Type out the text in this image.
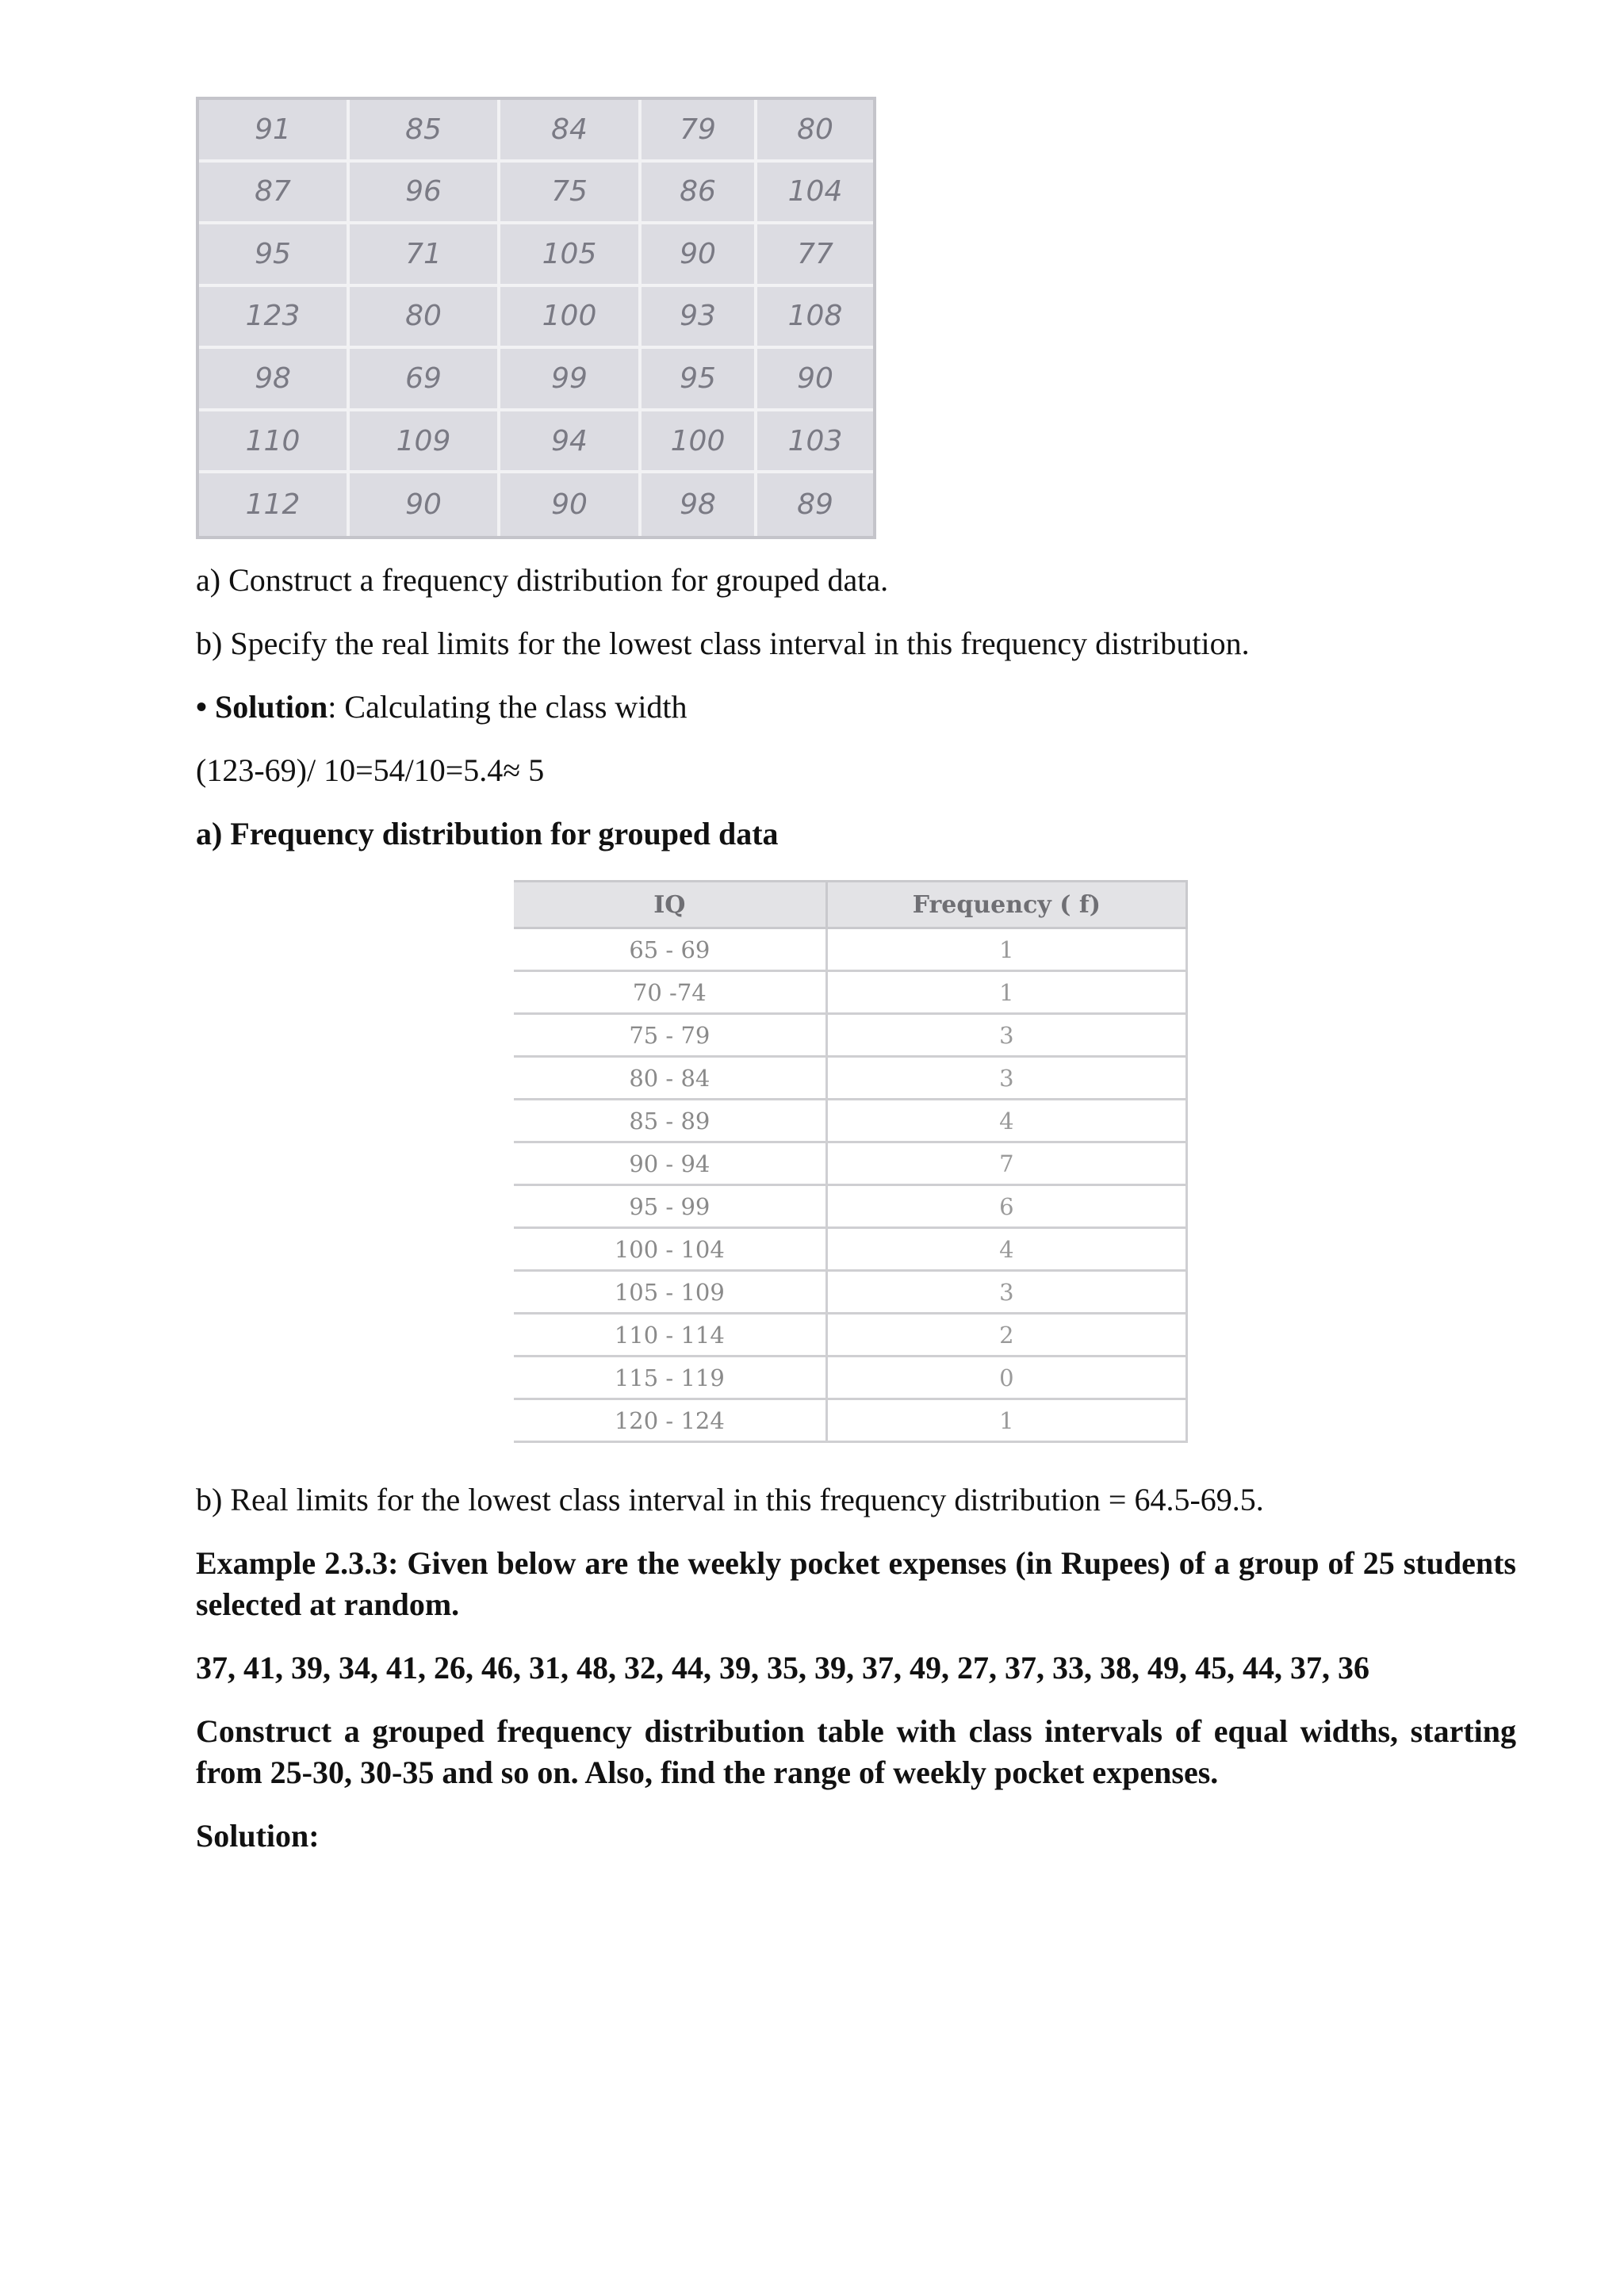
91	85	84	79	80
87	96	75	86	104
95	71	105	90	77
123	80	100	93	108
98	69	99	95	90
110	109	94	100	103
112	90	90	98	89

a) Construct a frequency distribution for grouped data.

b) Specify the real limits for the lowest class interval in this frequency distribution.

• Solution: Calculating the class width

(123-69)/ 10=54/10=5.4≈ 5

a) Frequency distribution for grouped data

IQ	Frequency ( f)
65 - 69	1
70 -74	1
75 - 79	3
80 - 84	3
85 - 89	4
90 - 94	7
95 - 99	6
100 - 104	4
105 - 109	3
110 - 114	2
115 - 119	0
120 - 124	1

b) Real limits for the lowest class interval in this frequency distribution = 64.5-69.5.

Example 2.3.3: Given below are the weekly pocket expenses (in Rupees) of a group of 25 students selected at random.

37, 41, 39, 34, 41, 26, 46, 31, 48, 32, 44, 39, 35, 39, 37, 49, 27, 37, 33, 38, 49, 45, 44, 37, 36

Construct a grouped frequency distribution table with class intervals of equal widths, starting from 25-30, 30-35 and so on. Also, find the range of weekly pocket expenses.

Solution:
